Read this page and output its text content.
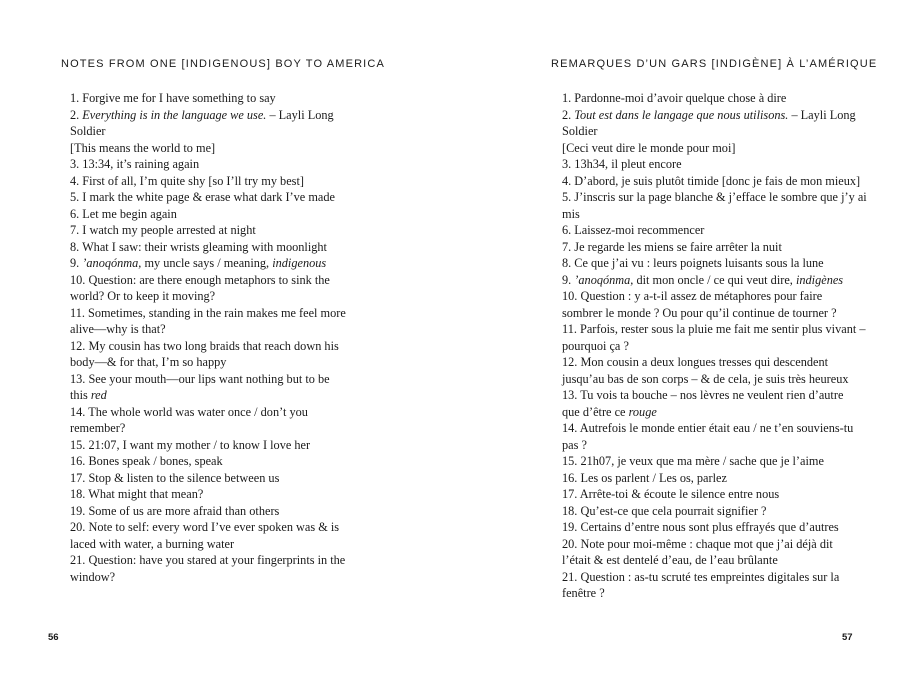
NOTES FROM ONE [INDIGENOUS] BOY TO AMERICA
1. Forgive me for I have something to say
2. Everything is in the language we use. – Layli Long Soldier
[This means the world to me]
3. 13:34, it’s raining again
4. First of all, I’m quite shy [so I’ll try my best]
5. I mark the white page & erase what dark I’ve made
6. Let me begin again
7. I watch my people arrested at night
8. What I saw: their wrists gleaming with moonlight
9. ’anoqónma, my uncle says / meaning, indigenous
10. Question: are there enough metaphors to sink the
world? Or to keep it moving?
11. Sometimes, standing in the rain makes me feel more
alive—why is that?
12. My cousin has two long braids that reach down his
body—& for that, I’m so happy
13. See your mouth—our lips want nothing but to be
this red
14. The whole world was water once / don’t you
remember?
15. 21:07, I want my mother / to know I love her
16. Bones speak / bones, speak
17. Stop & listen to the silence between us
18. What might that mean?
19. Some of us are more afraid than others
20. Note to self: every word I’ve ever spoken was & is
laced with water, a burning water
21. Question: have you stared at your fingerprints in the
window?
56
REMARQUES D’UN GARS [INDIGÈNE] À L’AMÉRIQUE
1. Pardonne-moi d’avoir quelque chose à dire
2. Tout est dans le langage que nous utilisons. – Layli Long Soldier
[Ceci veut dire le monde pour moi]
3. 13h34, il pleut encore
4. D’abord, je suis plutôt timide [donc je fais de mon mieux]
5. J’inscris sur la page blanche & j’efface le sombre que j’y ai mis
6. Laissez-moi recommencer
7. Je regarde les miens se faire arrêter la nuit
8. Ce que j’ai vu : leurs poignets luisants sous la lune
9. ’anoqónma, dit mon oncle / ce qui veut dire, indigènes
10. Question : y a-t-il assez de métaphores pour faire
sombrer le monde ? Ou pour qu’il continue de tourner ?
11. Parfois, rester sous la pluie me fait me sentir plus vivant –
pourquoi ça ?
12. Mon cousin a deux longues tresses qui descendent
jusqu’au bas de son corps – & de cela, je suis très heureux
13. Tu vois ta bouche – nos lèvres ne veulent rien d’autre
que d’être ce rouge
14. Autrefois le monde entier était eau / ne t’en souviens-tu
pas ?
15. 21h07, je veux que ma mère / sache que je l’aime
16. Les os parlent / Les os, parlez
17. Arrête-toi & écoute le silence entre nous
18. Qu’est-ce que cela pourrait signifier ?
19. Certains d’entre nous sont plus effrayés que d’autres
20. Note pour moi-même : chaque mot que j’ai déjà dit
l’était & est dentelé d’eau, de l’eau brûlante
21. Question : as-tu scruté tes empreintes digitales sur la
fenêtre ?
57
